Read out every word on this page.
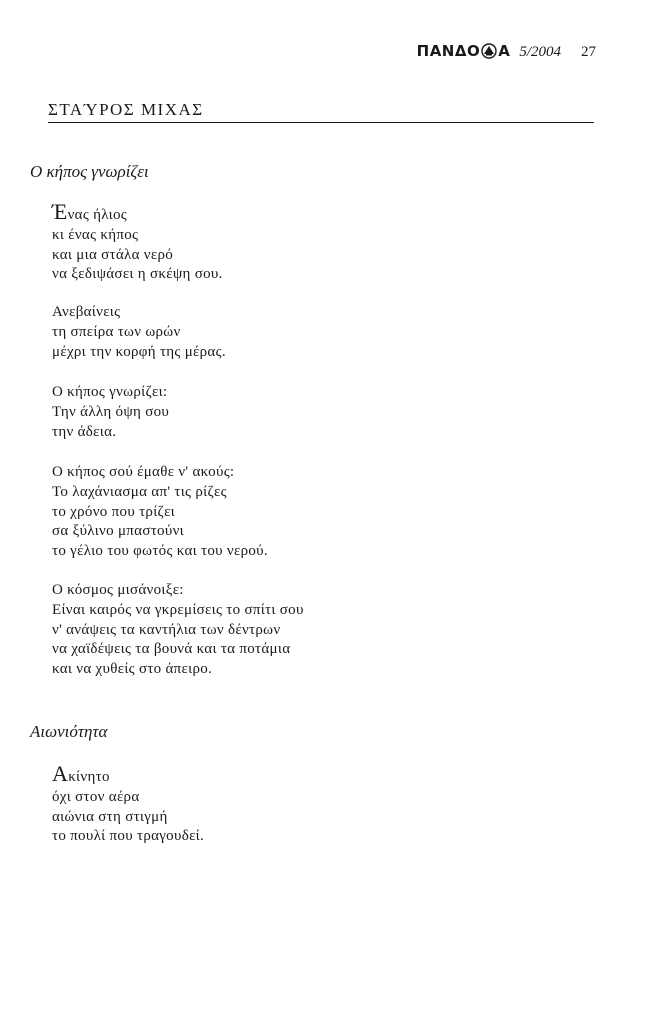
ΠΑΝΔΟ Α 5/2004 27
ΣΤΑΎΡΟΣ ΜΙΧΑΣ
Ο κήπος γνωρίζει
Ένας ήλιος
κι ένας κήπος
και μια στάλα νερό
να ξεδιψάσει η σκέψη σου.
Ανεβαίνεις
τη σπείρα των ωρών
μέχρι την κορφή της μέρας.
Ο κήπος γνωρίζει:
Την άλλη όψη σου
την άδεια.
Ο κήπος σού έμαθε ν' ακούς:
Το λαχάνιασμα απ' τις ρίζες
το χρόνο που τρίζει
σα ξύλινο μπαστούνι
το γέλιο του φωτός και του νερού.
Ο κόσμος μισάνοιξε:
Είναι καιρός να γκρεμίσεις το σπίτι σου
ν' ανάψεις τα καντήλια των δέντρων
να χαϊδέψεις τα βουνά και τα ποτάμια
και να χυθείς στο άπειρο.
Αιωνιότητα
Ακίνητο
όχι στον αέρα
αιώνια στη στιγμή
το πουλί που τραγουδεί.
